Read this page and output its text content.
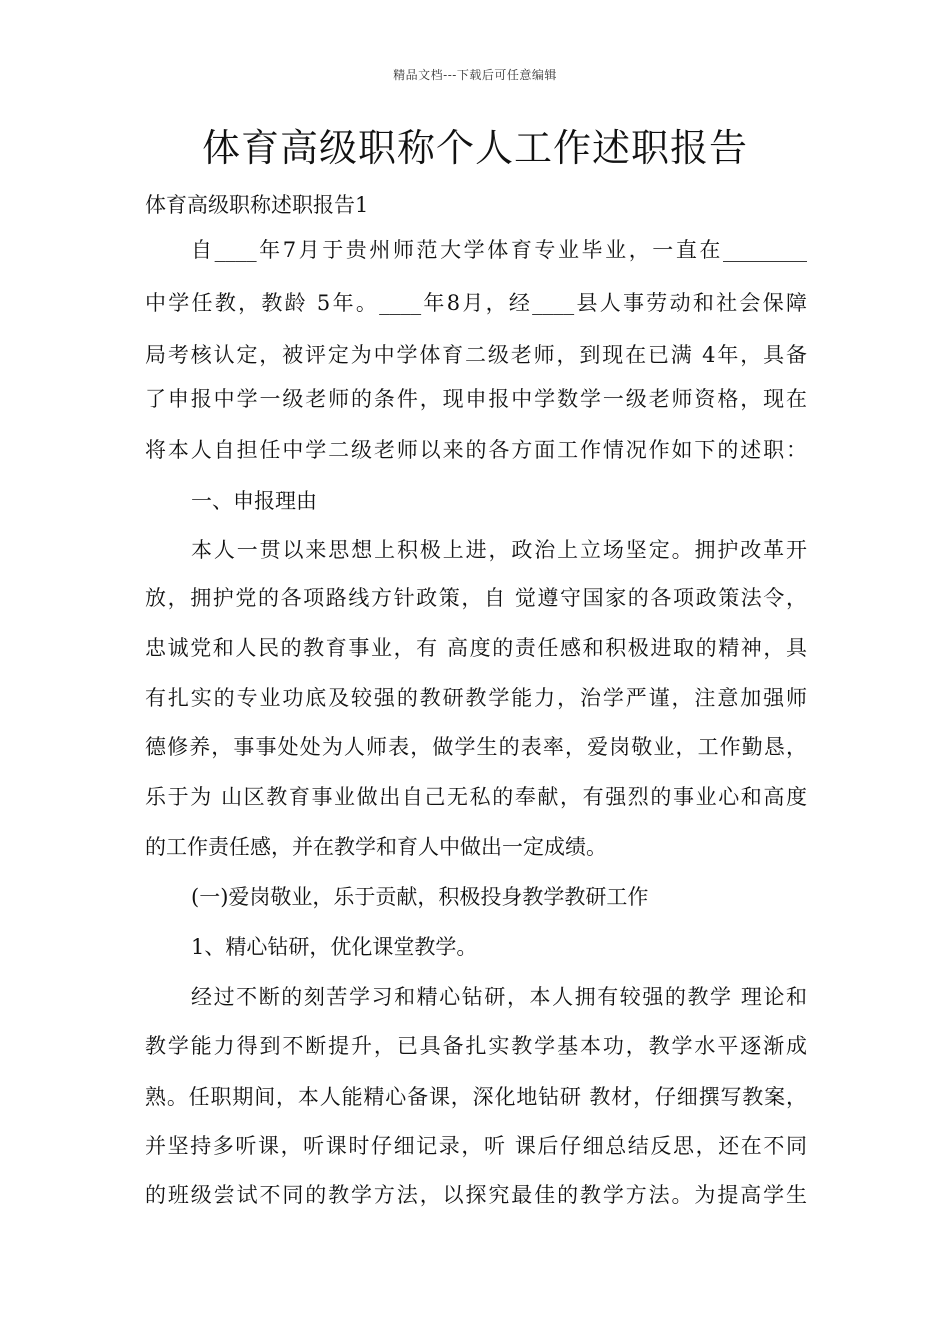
精品文档---下载后可任意编辑
体育高级职称个人工作述职报告
体育高级职称述职报告1
自____年7月于贵州师范大学体育专业毕业，一直在________
中学任教，教龄 5年。____年8月，经____县人事劳动和社会保障
局考核认定，被评定为中学体育二级老师，到现在已满 4年，具备
了申报中学一级老师的条件，现申报中学数学一级老师资格，现在
将本人自担任中学二级老师以来的各方面工作情况作如下的述职：
一、申报理由
本人一贯以来思想上积极上进，政治上立场坚定。拥护改革开
放，拥护党的各项路线方针政策，自 觉遵守国家的各项政策法令，
忠诚党和人民的教育事业，有 高度的责任感和积极进取的精神，具
有扎实的专业功底及较强的教研教学能力，治学严谨，注意加强师
德修养，事事处处为人师表，做学生的表率，爱岗敬业，工作勤恳，
乐于为 山区教育事业做出自己无私的奉献，有强烈的事业心和高度
的工作责任感，并在教学和育人中做出一定成绩。
(一)爱岗敬业，乐于贡献，积极投身教学教研工作
1、精心钻研，优化课堂教学。
经过不断的刻苦学习和精心钻研，本人拥有较强的教学 理论和
教学能力得到不断提升，已具备扎实教学基本功，教学水平逐渐成
熟。任职期间，本人能精心备课，深化地钻研 教材，仔细撰写教案，
并坚持多听课，听课时仔细记录，听 课后仔细总结反思，还在不同
的班级尝试不同的教学方法，以探究最佳的教学方法。为提高学生
